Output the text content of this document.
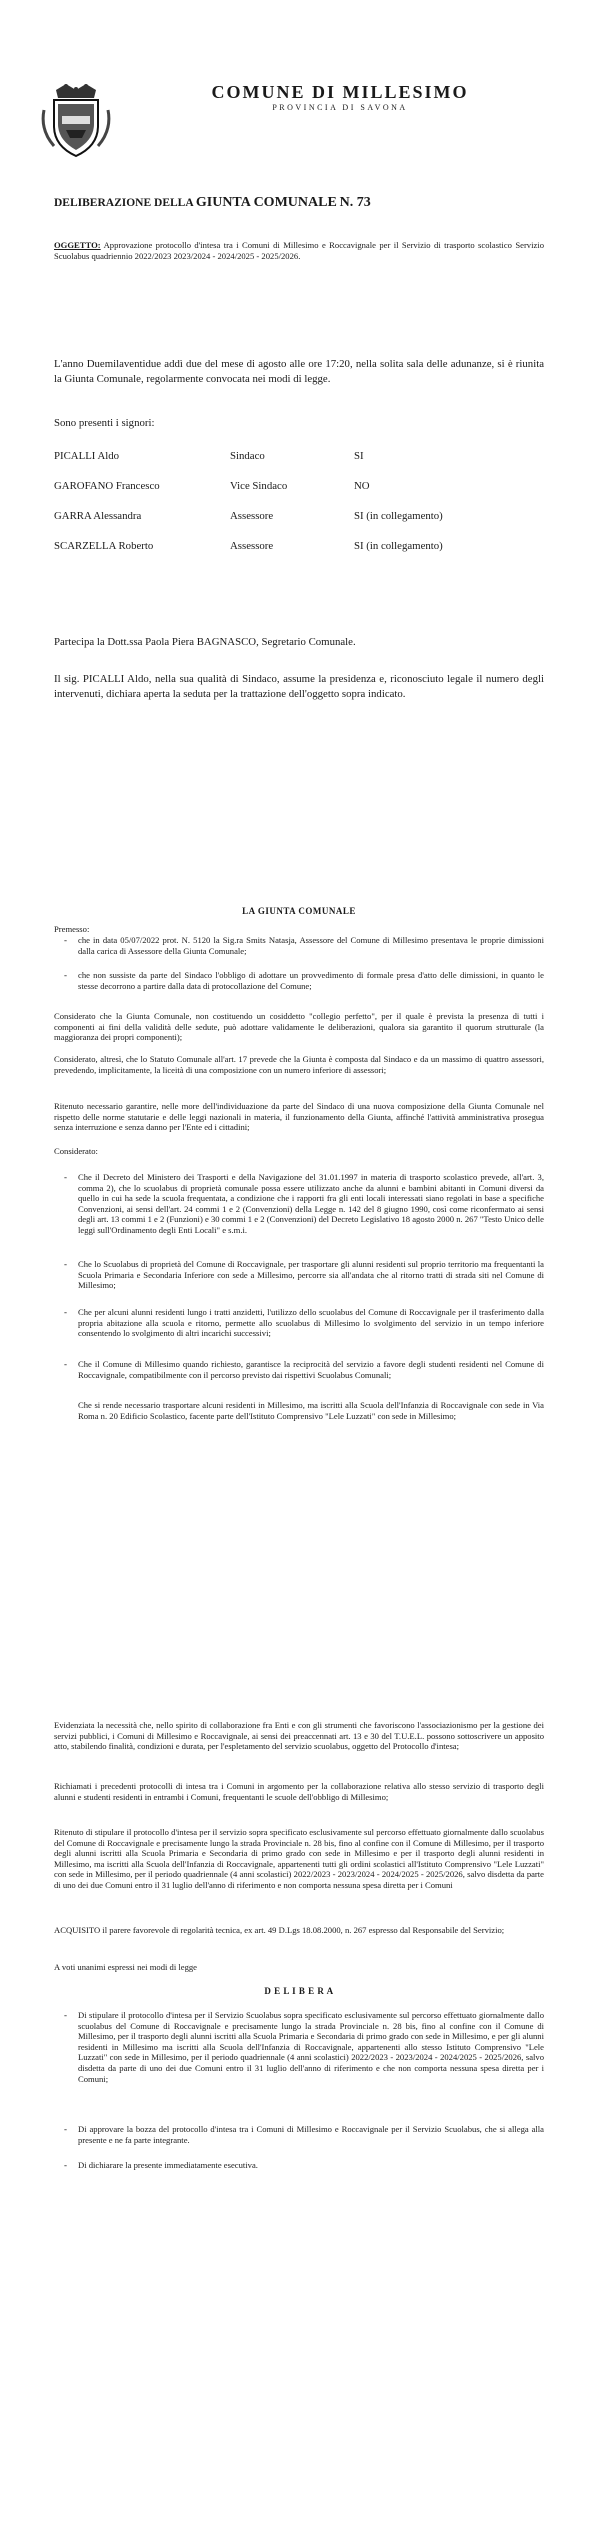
COMUNE DI MILLESIMO
PROVINCIA DI SAVONA
DELIBERAZIONE DELLA GIUNTA COMUNALE N. 73
OGGETTO: Approvazione protocollo d'intesa tra i Comuni di Millesimo e Roccavignale per il Servizio di trasporto scolastico Servizio Scuolabus quadriennio 2022/2023 2023/2024 - 2024/2025 - 2025/2026.
L'anno Duemilaventidue addì due del mese di agosto alle ore 17:20, nella solita sala delle adunanze, si è riunita la Giunta Comunale, regolarmente convocata nei modi di legge.
Sono presenti i signori:
PICALLI Aldo	Sindaco	SI
GAROFANO Francesco	Vice Sindaco	NO
GARRA Alessandra	Assessore	SI (in collegamento)
SCARZELLA Roberto	Assessore	SI (in collegamento)
Partecipa la Dott.ssa Paola Piera BAGNASCO, Segretario Comunale.
Il sig. PICALLI Aldo, nella sua qualità di Sindaco, assume la presidenza e, riconosciuto legale il numero degli intervenuti, dichiara aperta la seduta per la trattazione dell'oggetto sopra indicato.
LA GIUNTA COMUNALE
Premesso:
- che in data 05/07/2022 prot. N. 5120 la Sig.ra Smits Natasja, Assessore del Comune di Millesimo presentava le proprie dimissioni dalla carica di Assessore della Giunta Comunale;
- che non sussiste da parte del Sindaco l'obbligo di adottare un provvedimento di formale presa d'atto delle dimissioni, in quanto le stesse decorrono a partire dalla data di protocollazione del Comune;
Considerato che la Giunta Comunale, non costituendo un cosiddetto "collegio perfetto", per il quale è prevista la presenza di tutti i componenti ai fini della validità delle sedute, può adottare validamente le deliberazioni, qualora sia garantito il quorum strutturale (la maggioranza dei propri componenti);
Considerato, altresì, che lo Statuto Comunale all'art. 17 prevede che la Giunta è composta dal Sindaco e da un massimo di quattro assessori, prevedendo, implicitamente, la liceità di una composizione con un numero inferiore di assessori;
Ritenuto necessario garantire, nelle more dell'individuazione da parte del Sindaco di una nuova composizione della Giunta Comunale nel rispetto delle norme statutarie e delle leggi nazionali in materia, il funzionamento della Giunta, affinché l'attività amministrativa prosegua senza interruzione e senza danno per l'Ente ed i cittadini;
Considerato:
- Che il Decreto del Ministero dei Trasporti e della Navigazione del 31.01.1997 in materia di trasporto scolastico prevede, all'art. 3, comma 2), che lo scuolabus di proprietà comunale possa essere utilizzato anche da alunni e bambini abitanti in Comuni diversi da quello in cui ha sede la scuola frequentata, a condizione che i rapporti fra gli enti locali interessati siano regolati in base a specifiche Convenzioni, ai sensi dell'art. 24 commi 1 e 2 (Convenzioni) della Legge n. 142 del 8 giugno 1990, così come riconfermato ai sensi degli art. 13 commi 1 e 2 (Funzioni) e 30 commi 1 e 2 (Convenzioni) del Decreto Legislativo 18 agosto 2000 n. 267 "Testo Unico delle leggi sull'Ordinamento degli Enti Locali" e s.m.i.
- Che lo Scuolabus di proprietà del Comune di Roccavignale, per trasportare gli alunni residenti sul proprio territorio ma frequentanti la Scuola Primaria e Secondaria Inferiore con sede a Millesimo, percorre sia all'andata che al ritorno tratti di strada siti nel Comune di Millesimo;
- Che per alcuni alunni residenti lungo i tratti anzidetti, l'utilizzo dello scuolabus del Comune di Roccavignale per il trasferimento dalla propria abitazione alla scuola e ritorno, permette allo scuolabus di Millesimo lo svolgimento del servizio in un tempo inferiore consentendo lo svolgimento di altri incarichi successivi;
- Che il Comune di Millesimo quando richiesto, garantisce la reciprocità del servizio a favore degli studenti residenti nel Comune di Roccavignale, compatibilmente con il percorso previsto dai rispettivi Scuolabus Comunali;
Che si rende necessario trasportare alcuni residenti in Millesimo, ma iscritti alla Scuola dell'Infanzia di Roccavignale con sede in Via Roma n. 20 Edificio Scolastico, facente parte dell'Istituto Comprensivo "Lele Luzzati" con sede in Millesimo;
Evidenziata la necessità che, nello spirito di collaborazione fra Enti e con gli strumenti che favoriscono l'associazionismo per la gestione dei servizi pubblici, i Comuni di Millesimo e Roccavignale, ai sensi dei preaccennati art. 13 e 30 del T.U.E.L. possono sottoscrivere un apposito atto, stabilendo finalità, condizioni e durata, per l'espletamento del servizio scuolabus, oggetto del Protocollo d'intesa;
Richiamati i precedenti protocolli di intesa tra i Comuni in argomento per la collaborazione relativa allo stesso servizio di trasporto degli alunni e studenti residenti in entrambi i Comuni, frequentanti le scuole dell'obbligo di Millesimo;
Ritenuto di stipulare il protocollo d'intesa per il servizio sopra specificato esclusivamente sul percorso effettuato giornalmente dallo scuolabus del Comune di Roccavignale e precisamente lungo la strada Provinciale n. 28 bis, fino al confine con il Comune di Millesimo, per il trasporto degli alunni iscritti alla Scuola Primaria e Secondaria di primo grado con sede in Millesimo e per il trasporto degli alunni residenti in Millesimo, ma iscritti alla Scuola dell'Infanzia di Roccavignale, appartenenti tutti gli ordini scolastici all'Istituto Comprensivo "Lele Luzzati" con sede in Millesimo, per il periodo quadriennale (4 anni scolastici) 2022/2023 - 2023/2024 - 2024/2025 - 2025/2026, salvo disdetta da parte di uno dei due Comuni entro il 31 luglio dell'anno di riferimento e non comporta nessuna spesa diretta per i Comuni
ACQUISITO il parere favorevole di regolarità tecnica, ex art. 49 D.Lgs 18.08.2000, n. 267 espresso dal Responsabile del Servizio;
A voti unanimi espressi nei modi di legge
D E L I B E R A
- Di stipulare il protocollo d'intesa per il Servizio Scuolabus sopra specificato esclusivamente sul percorso effettuato giornalmente dallo scuolabus del Comune di Roccavignale e precisamente lungo la strada Provinciale n. 28 bis, fino al confine con il Comune di Millesimo, per il trasporto degli alunni iscritti alla Scuola Primaria e Secondaria di primo grado con sede in Millesimo, e per gli alunni residenti in Millesimo ma iscritti alla Scuola dell'Infanzia di Roccavignale, appartenenti allo stesso Istituto Comprensivo "Lele Luzzati" con sede in Millesimo, per il periodo quadriennale (4 anni scolastici) 2022/2023 - 2023/2024 - 2024/2025 - 2025/2026, salvo disdetta da parte di uno dei due Comuni entro il 31 luglio dell'anno di riferimento e che non comporta nessuna spesa diretta per i Comuni;
- Di approvare la bozza del protocollo d'intesa tra i Comuni di Millesimo e Roccavignale per il Servizio Scuolabus, che si allega alla presente e ne fa parte integrante.
- Di dichiarare la presente immediatamente esecutiva.
